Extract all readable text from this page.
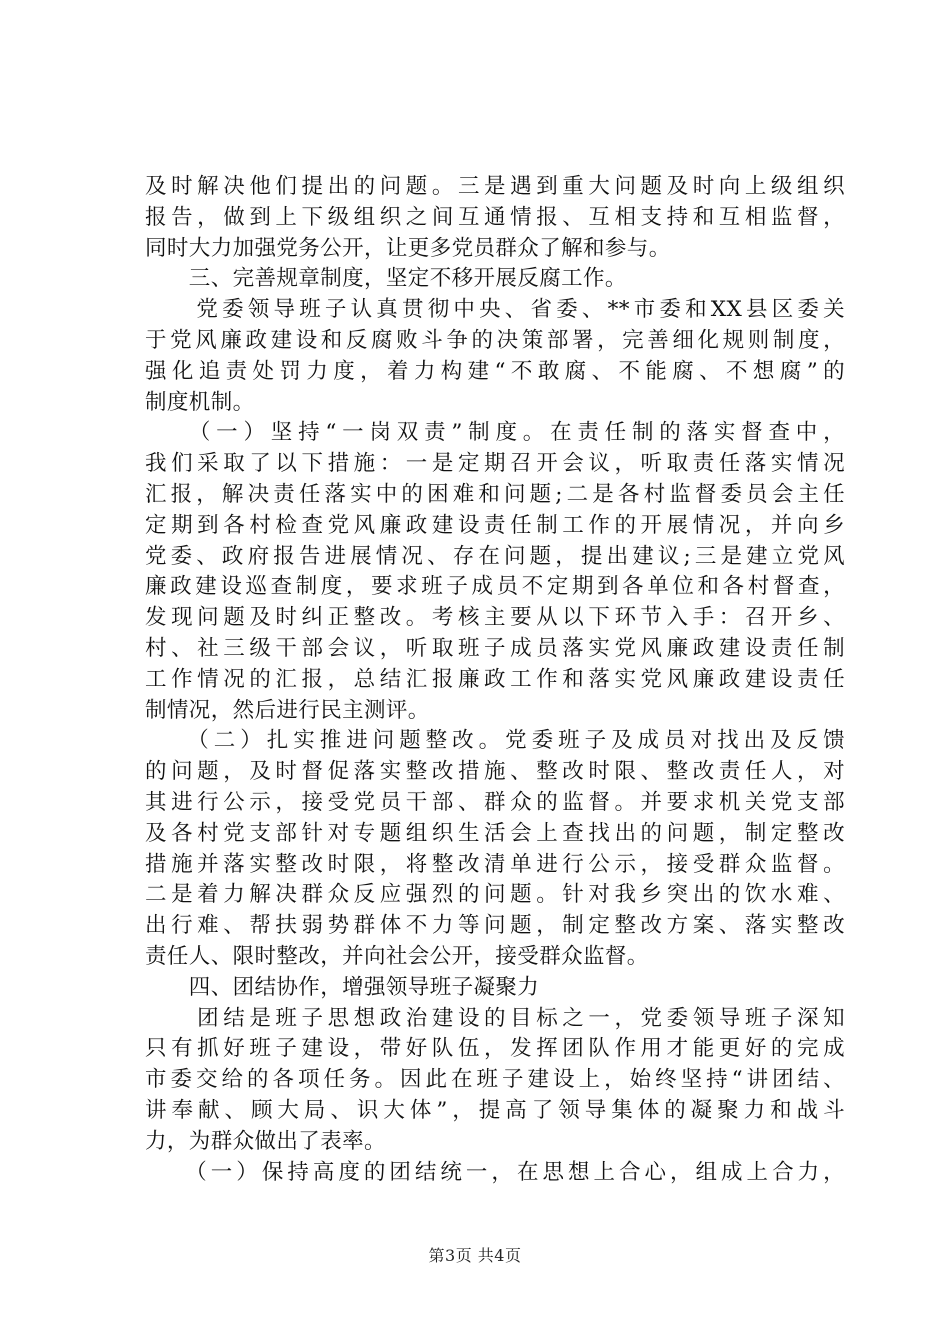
及时解决他们提出的问题。三是遇到重大问题及时向上级组织
报告，做到上下级组织之间互通情报、互相支持和互相监督，
同时大力加强党务公开，让更多党员群众了解和参与。
　　三、完善规章制度，坚定不移开展反腐工作。
　　党委领导班子认真贯彻中央、省委、**市委和XX县区委关
于党风廉政建设和反腐败斗争的决策部署，完善细化规则制度，
强化追责处罚力度，着力构建“不敢腐、不能腐、不想腐”的
制度机制。
　　（一）坚持“一岗双责”制度。在责任制的落实督查中，
我们采取了以下措施：一是定期召开会议，听取责任落实情况
汇报，解决责任落实中的困难和问题;二是各村监督委员会主任
定期到各村检查党风廉政建设责任制工作的开展情况，并向乡
党委、政府报告进展情况、存在问题，提出建议;三是建立党风
廉政建设巡查制度，要求班子成员不定期到各单位和各村督查，
发现问题及时纠正整改。考核主要从以下环节入手：召开乡、
村、社三级干部会议，听取班子成员落实党风廉政建设责任制
工作情况的汇报，总结汇报廉政工作和落实党风廉政建设责任
制情况，然后进行民主测评。
　　（二）扎实推进问题整改。党委班子及成员对找出及反馈
的问题，及时督促落实整改措施、整改时限、整改责任人，对
其进行公示，接受党员干部、群众的监督。并要求机关党支部
及各村党支部针对专题组织生活会上查找出的问题，制定整改
措施并落实整改时限，将整改清单进行公示，接受群众监督。
二是着力解决群众反应强烈的问题。针对我乡突出的饮水难、
出行难、帮扶弱势群体不力等问题，制定整改方案、落实整改
责任人、限时整改，并向社会公开，接受群众监督。
　　四、团结协作，增强领导班子凝聚力
　　团结是班子思想政治建设的目标之一，党委领导班子深知
只有抓好班子建设，带好队伍，发挥团队作用才能更好的完成
市委交给的各项任务。因此在班子建设上，始终坚持“讲团结、
讲奉献、顾大局、识大体”，提高了领导集体的凝聚力和战斗
力，为群众做出了表率。
　　（一）保持高度的团结统一，在思想上合心，组成上合力，
第3页 共4页
